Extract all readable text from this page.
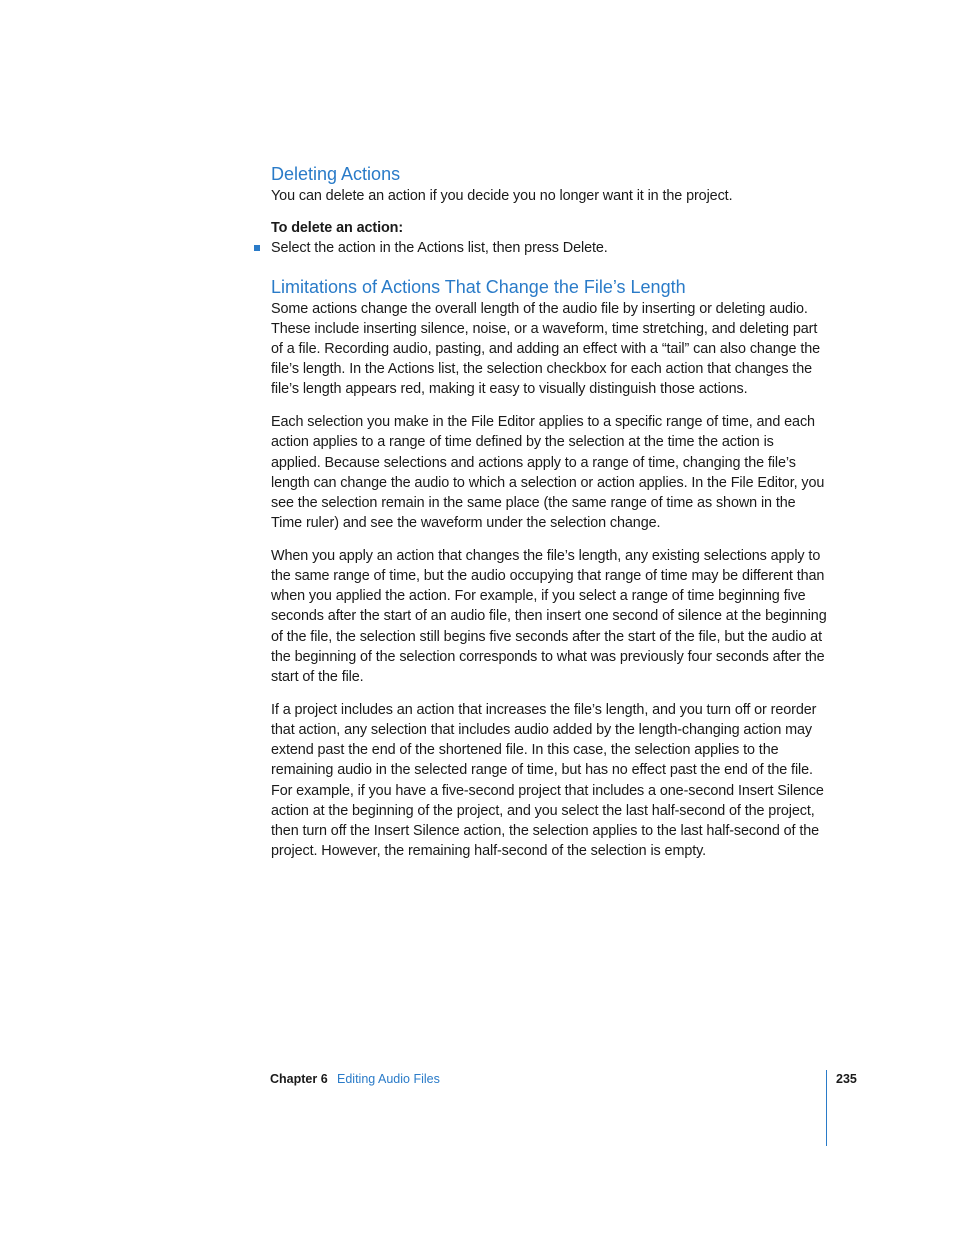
Deleting Actions

You can delete an action if you decide you no longer want it in the project.

To delete an action:

Select the action in the Actions list, then press Delete.
Limitations of Actions That Change the File’s Length

Some actions change the overall length of the audio file by inserting or deleting audio. These include inserting silence, noise, or a waveform, time stretching, and deleting part of a file. Recording audio, pasting, and adding an effect with a “tail” can also change the file’s length. In the Actions list, the selection checkbox for each action that changes the file’s length appears red, making it easy to visually distinguish those actions.

Each selection you make in the File Editor applies to a specific range of time, and each action applies to a range of time defined by the selection at the time the action is applied. Because selections and actions apply to a range of time, changing the file’s length can change the audio to which a selection or action applies. In the File Editor, you see the selection remain in the same place (the same range of time as shown in the Time ruler) and see the waveform under the selection change.

When you apply an action that changes the file’s length, any existing selections apply to the same range of time, but the audio occupying that range of time may be different than when you applied the action. For example, if you select a range of time beginning five seconds after the start of an audio file, then insert one second of silence at the beginning of the file, the selection still begins five seconds after the start of the file, but the audio at the beginning of the selection corresponds to what was previously four seconds after the start of the file.

If a project includes an action that increases the file’s length, and you turn off or reorder that action, any selection that includes audio added by the length-changing action may extend past the end of the shortened file. In this case, the selection applies to the remaining audio in the selected range of time, but has no effect past the end of the file. For example, if you have a five-second project that includes a one-second Insert Silence action at the beginning of the project, and you select the last half-second of the project, then turn off the Insert Silence action, the selection applies to the last half-second of the project. However, the remaining half-second of the selection is empty.

Chapter 6 Editing Audio Files	235
